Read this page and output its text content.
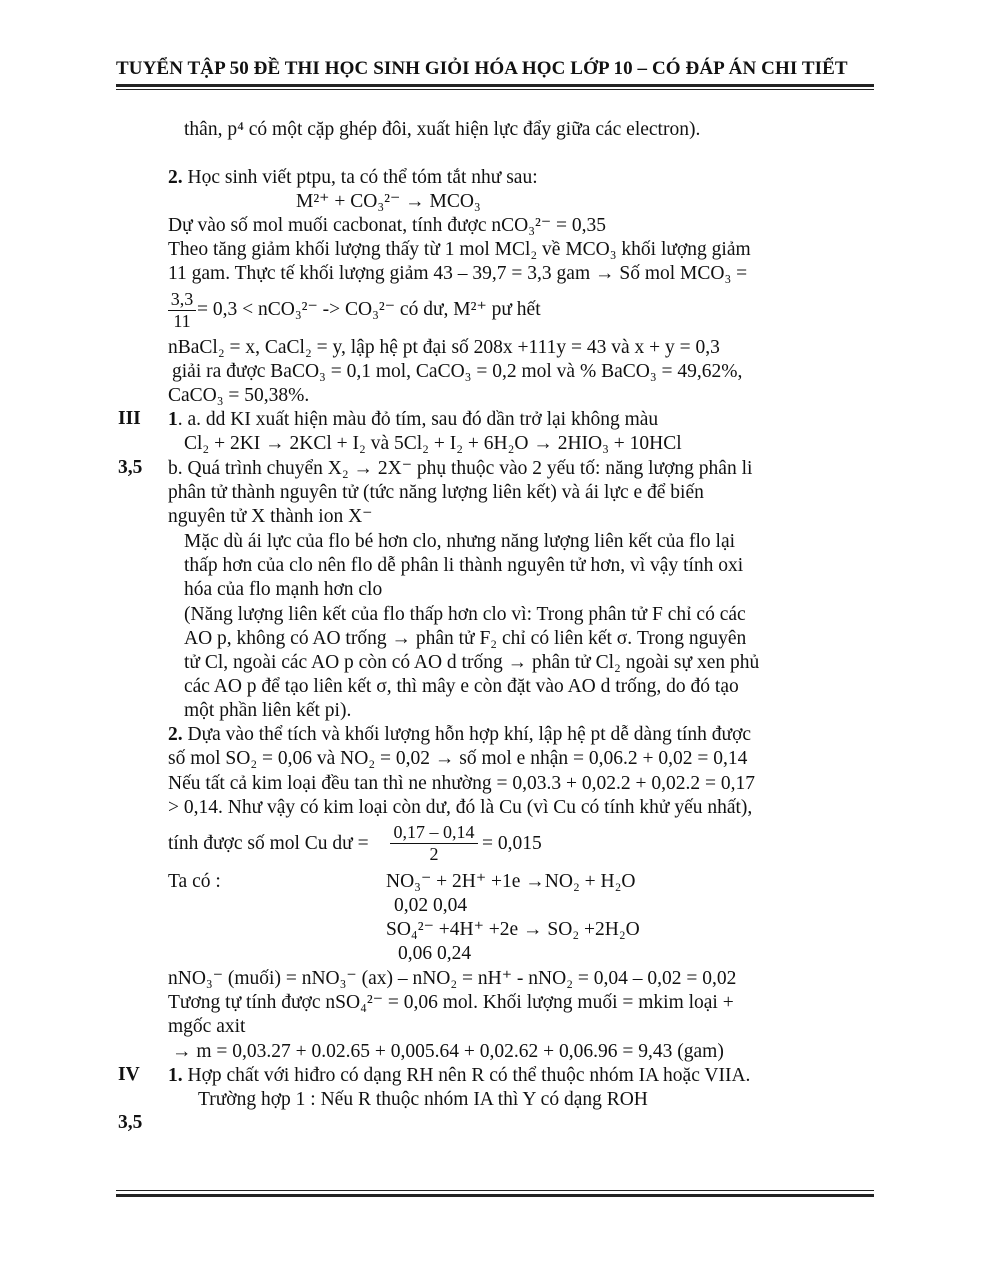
TUYỂN TẬP 50 ĐỀ THI HỌC SINH GIỎI HÓA HỌC LỚP 10 – CÓ ĐÁP ÁN CHI TIẾT
III
3,5
IV
3,5
thân, p⁴ có một cặp ghép đôi, xuất hiện lực đẩy giữa các electron).
2. Học sinh viết ptpu, ta có thể tóm tắt như sau:
M²⁺ + CO₃²⁻ → MCO₃
Dự vào số mol muối cacbonat, tính được nCO₃²⁻ = 0,35
Theo tăng giảm khối lượng thấy từ 1 mol MCl₂ về MCO₃ khối lượng giảm
11 gam. Thực tế khối lượng giảm 43 – 39,7 = 3,3 gam → Số mol MCO₃ =
$\frac{3,3}{11} = 0,3 < nCO_3^{2-} -> CO_3^{2-}$ có dư, M²⁺ pư hết
nBaCl₂ = x, CaCl₂ = y, lập hệ pt đại số 208x +111y = 43 và x + y = 0,3
giải ra được BaCO₃ = 0,1 mol, CaCO₃ = 0,2 mol và % BaCO₃ = 49,62%,
CaCO₃ = 50,38%.
1. a. dd KI xuất hiện màu đỏ tím, sau đó dần trở lại không màu
Cl₂ + 2KI → 2KCl + I₂ và 5Cl₂ + I₂ + 6H₂O → 2HIO₃ + 10HCl
b. Quá trình chuyển X₂ → 2X⁻ phụ thuộc vào 2 yếu tố: năng lượng phân li
phân tử thành nguyên tử (tức năng lượng liên kết) và ái lực e để biến
nguyên tử X thành ion X⁻
Mặc dù ái lực của flo bé hơn clo, nhưng năng lượng liên kết của flo lại
thấp hơn của clo nên flo dễ phân li thành nguyên tử hơn, vì vậy tính oxi
hóa của flo mạnh hơn clo
(Năng lượng liên kết của flo thấp hơn clo vì: Trong phân tử F chỉ có các
AO p, không có AO trống → phân tử F₂ chỉ có liên kết σ. Trong nguyên
tử Cl, ngoài các AO p còn có AO d trống → phân tử Cl₂ ngoài sự xen phủ
các AO p để tạo liên kết σ, thì mây e còn đặt vào AO d trống, do đó tạo
một phần liên kết pi).
2. Dựa vào thể tích và khối lượng hỗn hợp khí, lập hệ pt dễ dàng tính được
số mol SO₂ = 0,06 và NO₂ = 0,02 → số mol e nhận = 0,06.2 + 0,02 = 0,14
Nếu tất cả kim loại đều tan thì ne nhường = 0,03.3 + 0,02.2 + 0,02.2 = 0,17
> 0,14. Như vậy có kim loại còn dư, đó là Cu (vì Cu có tính khử yếu nhất),
tính được số mol Cu dư = $\frac{0,17 - 0,14}{2} = 0,015$
Ta có :	NO₃⁻ + 2H⁺ +1e →NO₂ + H₂O
0,02 0,04
SO₄²⁻ +4H⁺ +2e → SO₂ +2H₂O
0,06 0,24
nNO₃⁻ (muối) = nNO₃⁻ (ax) – nNO₂ = nH⁺ - nNO₂ = 0,04 – 0,02 = 0,02
Tương tự tính được nSO₄²⁻ = 0,06 mol. Khối lượng muối = mkim loại +
mgốc axit
→ m = 0,03.27 + 0.02.65 + 0,005.64 + 0,02.62 + 0,06.96 = 9,43 (gam)
1. Hợp chất với hiđro có dạng RH nên R có thể thuộc nhóm IA hoặc VIIA.
Trường hợp 1 : Nếu R thuộc nhóm IA thì Y có dạng ROH
